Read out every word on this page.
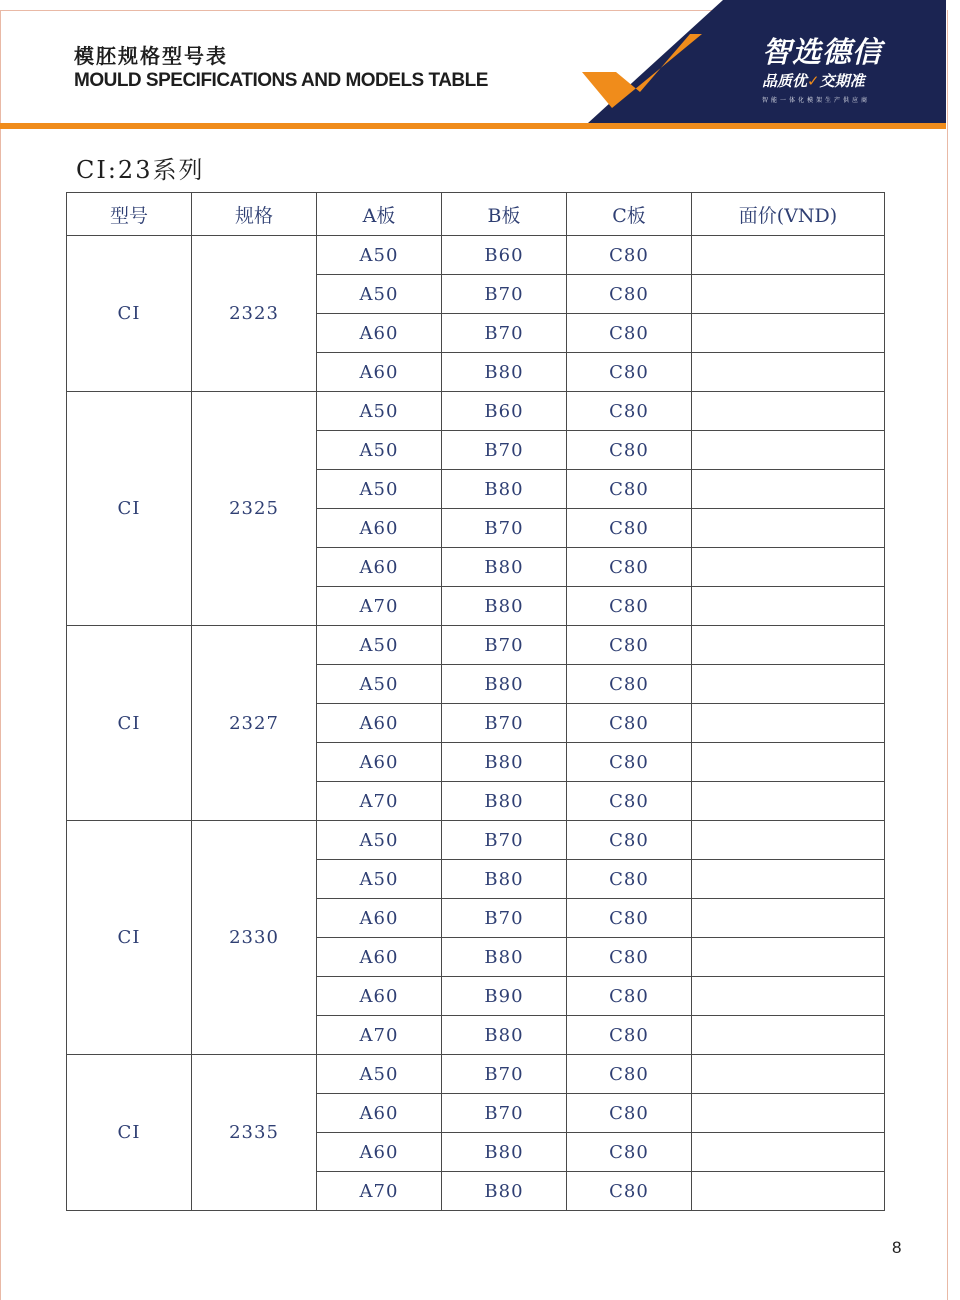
模胚规格型号表
MOULD SPECIFICATIONS AND MODELS TABLE
智选德信
品质优✓交期准
智能一体化模架生产供应商
CI:23系列
型号	规格	A板	B板	C板	面价(VND)
CI	2323	A50	B60	C80	
		A50	B70	C80	
		A60	B70	C80	
		A60	B80	C80	
CI	2325	A50	B60	C80	
		A50	B70	C80	
		A50	B80	C80	
		A60	B70	C80	
		A60	B80	C80	
		A70	B80	C80	
CI	2327	A50	B70	C80	
		A50	B80	C80	
		A60	B70	C80	
		A60	B80	C80	
		A70	B80	C80	
CI	2330	A50	B70	C80	
		A50	B80	C80	
		A60	B70	C80	
		A60	B80	C80	
		A60	B90	C80	
		A70	B80	C80	
CI	2335	A50	B70	C80	
		A60	B70	C80	
		A60	B80	C80	
		A70	B80	C80	
8
